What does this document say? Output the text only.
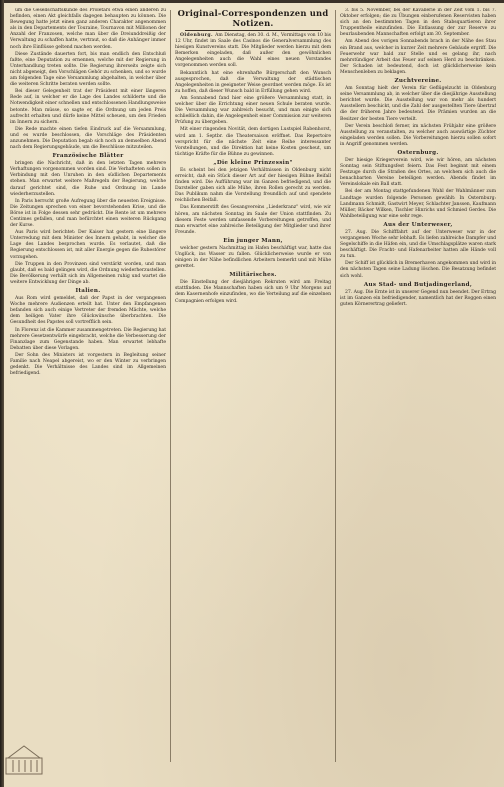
um die Gesellschaftskunde des Proletars etwa einen anderen zu befinden, einen Akt gleichfalls dagegen behaupten zu können. Die Bewegung hatte jetzt einen ganz anderen Charakter angenommen als in den Departements der Touraine, Tournavon mit Millionen der Anzahl der Franzosen, welche man über die Dreiunddreißig der Verwaltung zu schaffen hatte, vertraut, so daß die Anhänger immer noch ihre Einflüsse geltend machen werden.

Diese Zustände dauerten fort, bis man endlich den Entschluß faßte, eine Deputation zu ernennen, welche mit der Regierung in Unterhandlung treten sollte. Die Regierung ihrerseits zeigte sich nicht abgeneigt, den Vorschlägen Gehör zu schenken, und so wurde am folgenden Tage eine Versammlung abgehalten, in welcher über die weiteren Schritte beraten werden sollte.

Bei dieser Gelegenheit trat der Präsident mit einer längeren Rede auf, in welcher er die Lage des Landes schilderte und die Notwendigkeit einer schnellen und entschlossenen Handlungsweise betonte. Man müsse, so sagte er, die Ordnung um jeden Preis aufrecht erhalten und dürfe keine Mittel scheuen, um den Frieden im Innern zu sichern.

Die Rede machte einen tiefen Eindruck auf die Versammlung, und es wurde beschlossen, die Vorschläge des Präsidenten anzunehmen. Die Deputation begab sich noch an demselben Abend nach dem Regierungsgebäude, um die Beschlüsse mitzuteilen.

Französische Blätter

bringen die Nachricht, daß in den letzten Tagen mehrere Verhaftungen vorgenommen worden sind. Die Verhafteten sollen in Verbindung mit den Unruhen in den südlichen Departements stehen. Man erwartet weitere Maßregeln der Regierung, welche darauf gerichtet sind, die Ruhe und Ordnung im Lande wiederherzustellen.

In Paris herrscht große Aufregung über die neuesten Ereignisse. Die Zeitungen sprechen von einer bevorstehenden Krise, und die Börse ist in Folge dessen sehr gedrückt. Die Rente ist um mehrere Centimes gefallen, und man befürchtet einen weiteren Rückgang der Kurse.

Aus Paris wird berichtet: Der Kaiser hat gestern eine längere Unterredung mit dem Minister des Innern gehabt, in welcher die Lage des Landes besprochen wurde. Es verlautet, daß die Regierung entschlossen ist, mit aller Energie gegen die Ruhestörer vorzugehen.

Die Truppen in den Provinzen sind verstärkt worden, und man glaubt, daß es bald gelingen wird, die Ordnung wiederherzustellen. Die Bevölkerung verhält sich im Allgemeinen ruhig und wartet die weitere Entwicklung der Dinge ab.

Italien.

Aus Rom wird gemeldet, daß der Papst in der vergangenen Woche mehrere Audienzen erteilt hat. Unter den Empfangenen befanden sich auch einige Vertreter der fremden Mächte, welche dem heiligen Vater ihre Glückwünsche überbrachten. Die Gesundheit des Papstes soll vortrefflich sein.

In Florenz ist die Kammer zusammengetreten. Die Regierung hat mehrere Gesetzentwürfe eingebracht, welche die Verbesserung der Finanzlage zum Gegenstande haben. Man erwartet lebhafte Debatten über diese Vorlagen.

Der Sohn des Ministers ist vorgestern in Begleitung seiner Familie nach Neapel abgereist, wo er den Winter zu verbringen gedenkt. Die Verhältnisse des Landes sind im Allgemeinen befriedigend.

Original-Correspondenzen und Notizen.

Oldenburg. Am Dienstag, den 30. d. M., Vormittags von 10 bis 12 Uhr, findet im Saale des Casinos die Generalversammlung des hiesigen Kunstvereins statt. Die Mitglieder werden hierzu mit dem Bemerken eingeladen, daß außer den gewöhnlichen Angelegenheiten auch die Wahl eines neuen Vorstandes vorgenommen werden soll.

Bekanntlich hat eine ehrenhafte Bürgerschaft den Wunsch ausgesprochen, daß die Verwaltung der städtischen Angelegenheiten in geeigneter Weise geordnet werden möge. Es ist zu hoffen, daß dieser Wunsch bald in Erfüllung gehen wird.

Am Sonnabend fand hier eine größere Versammlung statt, in welcher über die Errichtung einer neuen Schule beraten wurde. Die Versammlung war zahlreich besucht, und man einigte sich schließlich dahin, die Angelegenheit einer Commission zur weiteren Prüfung zu übergeben.

Mit einer ringenden Novität, dem dortigen Lustspiel Rabenhorst, wird am 1. Septbr. die Theatersaison eröffnet. Das Repertoire verspricht für die nächste Zeit eine Reihe interessanter Vorstellungen, und die Direktion hat keine Kosten gescheut, um tüchtige Kräfte für die Bühne zu gewinnen.

„Die kleine Prinzessin"

Es scheint bei den jetzigen Verhältnissen in Oldenburg nicht erreicht, daß ein Stück dieser Art auf der hiesigen Bühne Beifall finden wird. Die Aufführung war im Ganzen befriedigend, und die Darsteller gaben sich alle Mühe, ihren Rollen gerecht zu werden. Das Publikum nahm die Vorstellung freundlich auf und spendete reichlichen Beifall.

Das Kommerstift des Gesangvereins „Liederkranz" wird, wie wir hören, am nächsten Sonntag im Saale der Union stattfinden. Zu diesem Feste werden umfassende Vorbereitungen getroffen, und man erwartet eine zahlreiche Beteiligung der Mitglieder und ihrer Freunde.

Ein junger Mann,

welcher gestern Nachmittag im Hafen beschäftigt war, hatte das Unglück, ins Wasser zu fallen. Glücklicherweise wurde er von einigen in der Nähe befindlichen Arbeitern bemerkt und mit Mühe gerettet.

Militärisches.

Die Einstellung der diesjährigen Rekruten wird am Freitag stattfinden. Die Mannschaften haben sich um 9 Uhr Morgens auf dem Kasernenhofe einzufinden, wo die Verteilung auf die einzelnen Compagnien erfolgen wird.

3. bis 5. November, bei der Kavallerie in der Zeit vom 1. bis 7. Oktober erfolgen; die zu Übungen einberufenen Reservisten haben sich an den bestimmten Tagen in den Stabsquartieren ihrer Truppentheile einzufinden. Die Entlassung der zur Reserve zu beurlaubenden Mannschaften erfolgt am 30. September.

Am Abend des vorigen Sonnabends brach in der Nähe des Stau ein Brand aus, welcher in kurzer Zeit mehrere Gebäude ergriff. Die Feuerwehr war bald zur Stelle und es gelang ihr, nach mehrstündiger Arbeit das Feuer auf seinen Herd zu beschränken. Der Schaden ist bedeutend, doch ist glücklicherweise kein Menschenleben zu beklagen.

Zuchtvereine.

Am Sonntag hielt der Verein für Geflügelzucht in Oldenburg seine Versammlung ab, in welcher über die diesjährige Ausstellung berichtet wurde. Die Ausstellung war von mehr als hundert Ausstellern beschickt, und die Zahl der ausgestellten Tiere übertraf die der früheren Jahre bedeutend. Die Prämien wurden an die Besitzer der besten Tiere verteilt.

Der Verein beschloß ferner, im nächsten Frühjahr eine größere Ausstellung zu veranstalten, zu welcher auch auswärtige Züchter eingeladen werden sollen. Die Vorbereitungen hierzu sollen sofort in Angriff genommen werden.

Osternburg.

Der hiesige Kriegerverein wird, wie wir hören, am nächsten Sonntag sein Stiftungsfest feiern. Das Fest beginnt mit einem Festzuge durch die Straßen des Ortes, an welchem sich auch die benachbarten Vereine beteiligen werden. Abends findet im Vereinslokale ein Ball statt.

Bei der am Montag stattgefundenen Wahl der Wahlmänner zum Landtage wurden folgende Personen gewählt: In Osternburg: Landmann Schmidt, Gastwirt Meyer, Schlachter Janssen, Kaufmann Müller, Bäcker Wilken, Tischler Hinrichs und Schmied Gerdes. Die Wahlbeteiligung war eine sehr rege.

Aus der Unterweser,

27. Aug. Die Schifffahrt auf der Unterweser war in der vergangenen Woche sehr lebhaft. Es liefen zahlreiche Dampfer und Segelschiffe in die Häfen ein, und die Umschlagsplätze waren stark beschäftigt. Die Fracht- und Hafenarbeiter hatten alle Hände voll zu tun.

Der Schiff ist glücklich in Bremerhaven angekommen und wird in den nächsten Tagen seine Ladung löschen. Die Besatzung befindet sich wohl.

Aus Stad- und Butjadingerland,

27. Aug. Die Ernte ist in unserer Gegend nun beendet. Der Ertrag ist im Ganzen ein befriedigender, namentlich hat der Roggen einen guten Körnerertrag geliefert.
